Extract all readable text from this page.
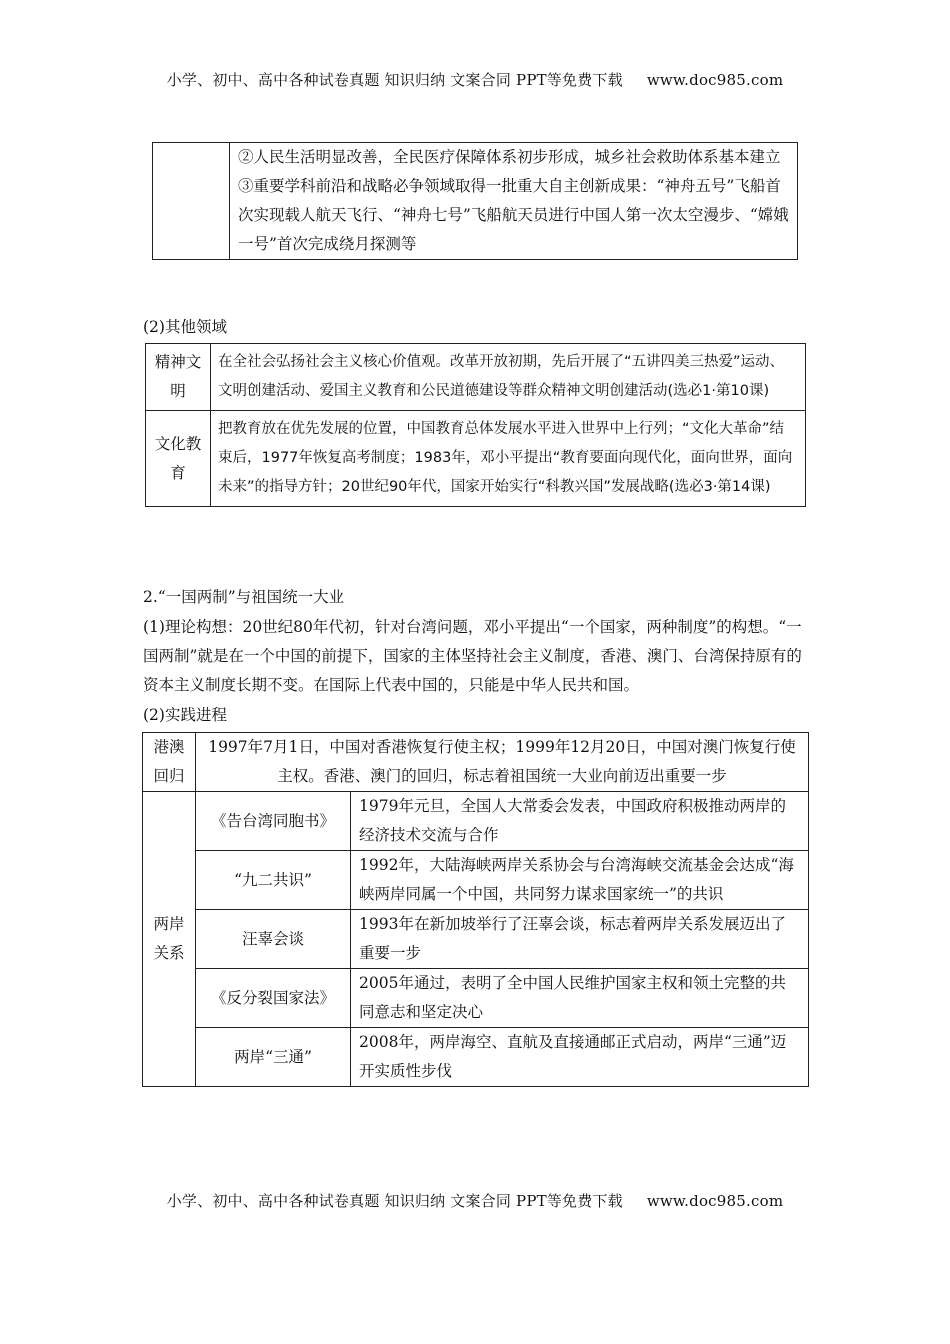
小学、初中、高中各种试卷真题 知识归纳 文案合同 PPT等免费下载 www.doc985.com

②人民生活明显改善，全民医疗保障体系初步形成，城乡社会救助体系基本建立
③重要学科前沿和战略必争领域取得一批重大自主创新成果：“神舟五号”飞船首次实现载人航天飞行、“神舟七号”飞船航天员进行中国人第一次太空漫步、“嫦娥一号”首次完成绕月探测等
(2)其他领域
精神文明	在全社会弘扬社会主义核心价值观。改革开放初期，先后开展了“五讲四美三热爱”运动、文明创建活动、爱国主义教育和公民道德建设等群众精神文明创建活动(选必1·第10课)
文化教育	把教育放在优先发展的位置，中国教育总体发展水平进入世界中上行列；“文化大革命”结束后，1977年恢复高考制度；1983年，邓小平提出“教育要面向现代化，面向世界，面向未来”的指导方针；20世纪90年代，国家开始实行“科教兴国”发展战略(选必3·第14课)
2.“一国两制”与祖国统一大业
(1)理论构想：20世纪80年代初，针对台湾问题，邓小平提出“一个国家，两种制度”的构想。“一国两制”就是在一个中国的前提下，国家的主体坚持社会主义制度，香港、澳门、台湾保持原有的资本主义制度长期不变。在国际上代表中国的，只能是中华人民共和国。
(2)实践进程
港澳回归	1997年7月1日，中国对香港恢复行使主权；1999年12月20日，中国对澳门恢复行使主权。香港、澳门的回归，标志着祖国统一大业向前迈出重要一步	
两岸关系	《告台湾同胞书》	1979年元旦，全国人大常委会发表，中国政府积极推动两岸的经济技术交流与合作
	“九二共识”	1992年，大陆海峡两岸关系协会与台湾海峡交流基金会达成“海峡两岸同属一个中国，共同努力谋求国家统一”的共识
	汪辜会谈	1993年在新加坡举行了汪辜会谈，标志着两岸关系发展迈出了重要一步
	《反分裂国家法》	2005年通过，表明了全中国人民维护国家主权和领土完整的共同意志和坚定决心
	两岸“三通”	2008年，两岸海空、直航及直接通邮正式启动，两岸“三通”迈开实质性步伐
小学、初中、高中各种试卷真题 知识归纳 文案合同 PPT等免费下载 www.doc985.com
